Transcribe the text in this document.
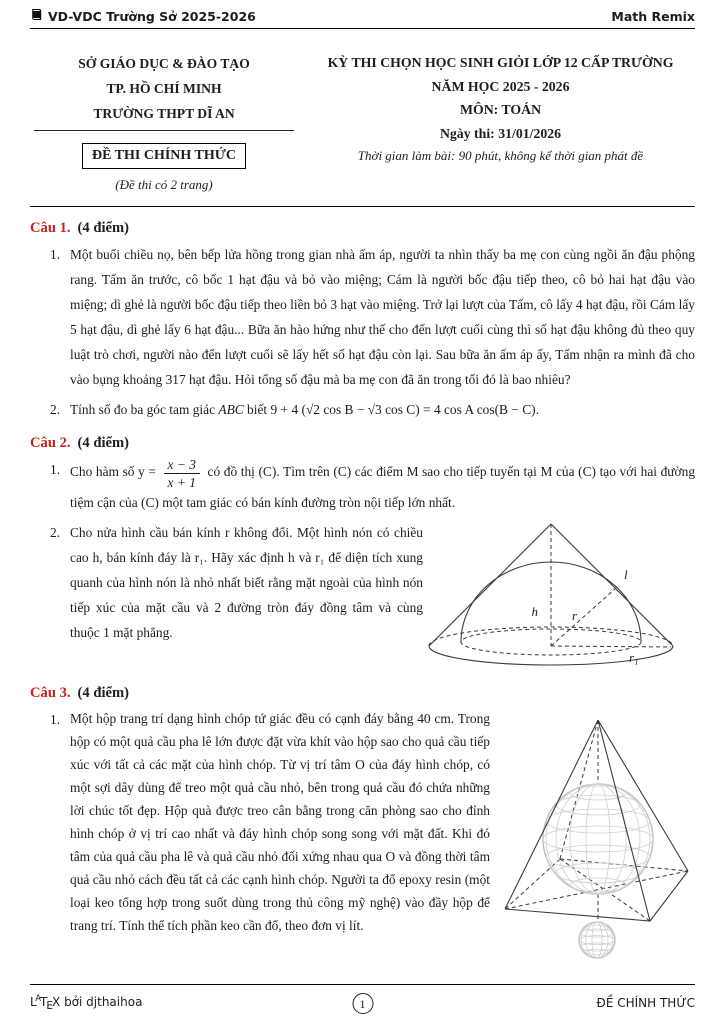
VD-VDC Trường Sở 2025-2026	Math Remix
SỞ GIÁO DỤC & ĐÀO TẠO
TP. HỒ CHÍ MINH
TRƯỜNG THPT DĨ AN
ĐỀ THI CHÍNH THỨC
(Đề thi có 2 trang)
KỲ THI CHỌN HỌC SINH GIỎI LỚP 12 CẤP TRƯỜNG
NĂM HỌC 2025 - 2026
MÔN: TOÁN
Ngày thi: 31/01/2026
Thời gian làm bài: 90 phút, không kể thời gian phát đề
Câu 1. (4 điểm)
1. Một buổi chiều nọ, bên bếp lửa hồng trong gian nhà ấm áp, người ta nhìn thấy ba mẹ con cùng ngồi ăn đậu phộng rang. Tấm ăn trước, cô bốc 1 hạt đậu và bỏ vào miệng; Cám là người bốc đậu tiếp theo, cô bỏ hai hạt đậu vào miệng; dì ghẻ là người bốc đậu tiếp theo liền bỏ 3 hạt vào miệng. Trở lại lượt của Tấm, cô lấy 4 hạt đậu, rồi Cám lấy 5 hạt đậu, dì ghẻ lấy 6 hạt đậu... Bữa ăn hào hứng như thế cho đến lượt cuối cùng thì số hạt đậu không đủ theo quy luật trò chơi, người nào đến lượt cuối sẽ lấy hết số hạt đậu còn lại. Sau bữa ăn ấm áp ấy, Tấm nhận ra mình đã cho vào bụng khoảng 317 hạt đậu. Hỏi tổng số đậu mà ba mẹ con đã ăn trong tối đó là bao nhiêu?
2. Tính số đo ba góc tam giác ABC biết 9 + 4 (√2 cos B − √3 cos C) = 4 cos A cos(B − C).
Câu 2. (4 điểm)
1. Cho hàm số $y = \frac{x - 3}{x + 1}$ có đồ thị (C). Tìm trên (C) các điểm M sao cho tiếp tuyến tại M của (C) tạo với hai đường tiệm cận của (C) một tam giác có bán kính đường tròn nội tiếp lớn nhất.
2. Cho nửa hình cầu bán kính r không đổi. Một hình nón có chiều cao h, bán kính đáy là r₁. Hãy xác định h và r₁ để diện tích xung quanh của hình nón là nhỏ nhất biết rằng mặt ngoài của hình nón tiếp xúc của mặt cầu và 2 đường tròn đáy đồng tâm và cùng thuộc 1 mặt phẳng.
h	r
l
r₁
Câu 3. (4 điểm)
1. Một hộp trang trí dạng hình chóp tứ giác đều có cạnh đáy bằng 40 cm. Trong hộp có một quả cầu pha lê lớn được đặt vừa khít vào hộp sao cho quả cầu tiếp xúc với tất cả các mặt của hình chóp. Từ vị trí tâm O của đáy hình chóp, có một sợi dây dùng để treo một quả cầu nhỏ, bên trong quả cầu đó chứa những lời chúc tốt đẹp. Hộp quà được treo cân bằng trong căn phòng sao cho đỉnh hình chóp ở vị trí cao nhất và đáy hình chóp song song với mặt đất. Khi đó tâm của quả cầu pha lê và quả cầu nhỏ đối xứng nhau qua O và đồng thời tâm quả cầu nhỏ cách đều tất cả các cạnh hình chóp. Người ta đổ epoxy resin (một loại keo tổng hợp trong suốt dùng trong thủ công mỹ nghệ) vào đầy hộp để trang trí. Tính thể tích phần keo cần đổ, theo đơn vị lít.
$L^ATEX$ bởi djthaihoa	1	ĐỀ CHÍNH THỨC
